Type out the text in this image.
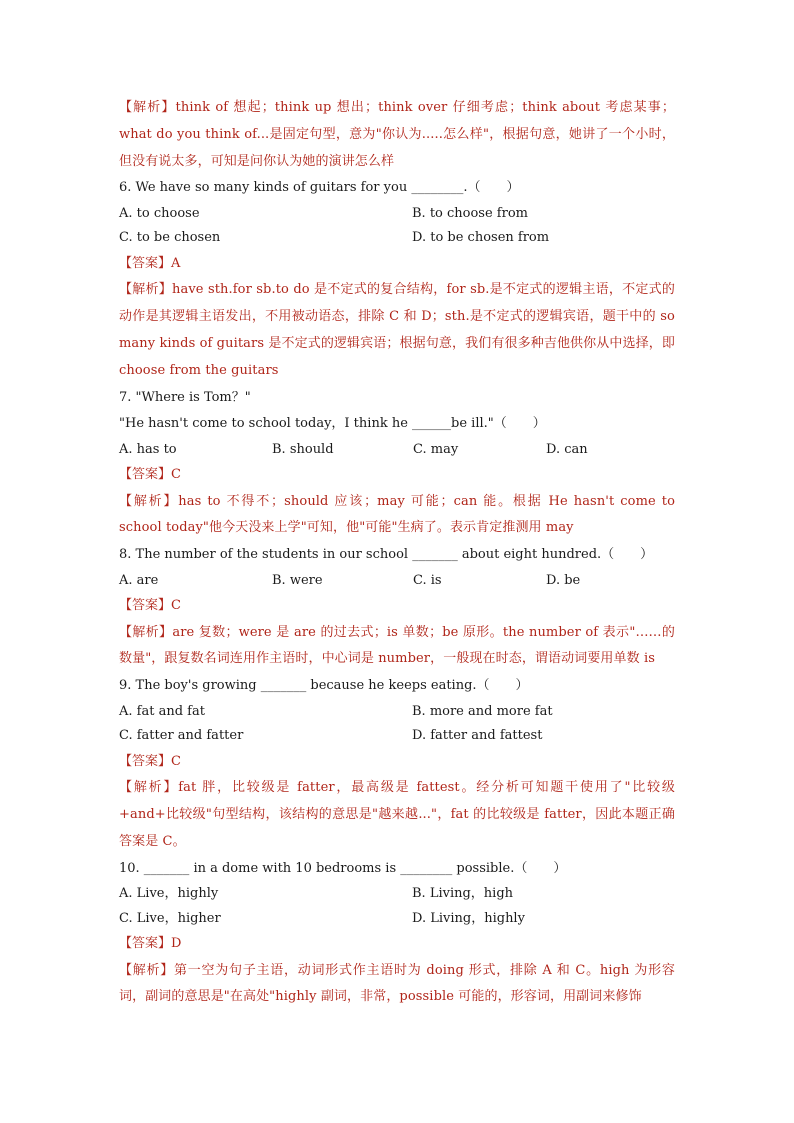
【解析】think of 想起；think up 想出；think over 仔细考虑；think about 考虑某事；what do you think of...是固定句型，意为"你认为.....怎么样"，根据句意，她讲了一个小时，但没有说太多，可知是问你认为她的演讲怎么样
6. We have so many kinds of guitars for you ________.（　　）
A. to choose	B. to choose from
C. to be chosen	D. to be chosen from
【答案】A
【解析】have sth.for sb.to do 是不定式的复合结构，for sb.是不定式的逻辑主语，不定式的动作是其逻辑主语发出，不用被动语态，排除 C 和 D；sth.是不定式的逻辑宾语，题干中的 so many kinds of guitars 是不定式的逻辑宾语；根据句意，我们有很多种吉他供你从中选择，即 choose from the guitars
7. "Where is Tom？"
"He hasn't come to school today，I think he ______be ill."（　　）
A. has to	B. should	C. may	D. can
【答案】C
【解析】has to 不得不；should 应该；may 可能；can 能。根据 He hasn't come to school today"他今天没来上学"可知，他"可能"生病了。表示肯定推测用 may
8. The number of the students in our school _______ about eight hundred.（　　）
A. are	B. were	C. is	D. be
【答案】C
【解析】are 复数；were 是 are 的过去式；is 单数；be 原形。the number of 表示"……的数量"，跟复数名词连用作主语时，中心词是 number，一般现在时态，谓语动词要用单数 is
9. The boy's growing _______ because he keeps eating.（　　）
A. fat and fat	B. more and more fat
C. fatter and fatter	D. fatter and fattest
【答案】C
【解析】fat 胖，比较级是 fatter，最高级是 fattest。经分析可知题干使用了"比较级+and+比较级"句型结构，该结构的意思是"越来越..."，fat 的比较级是 fatter，因此本题正确答案是 C。
10. _______ in a dome with 10 bedrooms is ________ possible.（　　）
A. Live，highly	B. Living，high
C. Live，higher	D. Living，highly
【答案】D
【解析】第一空为句子主语，动词形式作主语时为 doing 形式，排除 A 和 C。high 为形容词，副词的意思是"在高处"highly 副词，非常，possible 可能的，形容词，用副词来修饰
